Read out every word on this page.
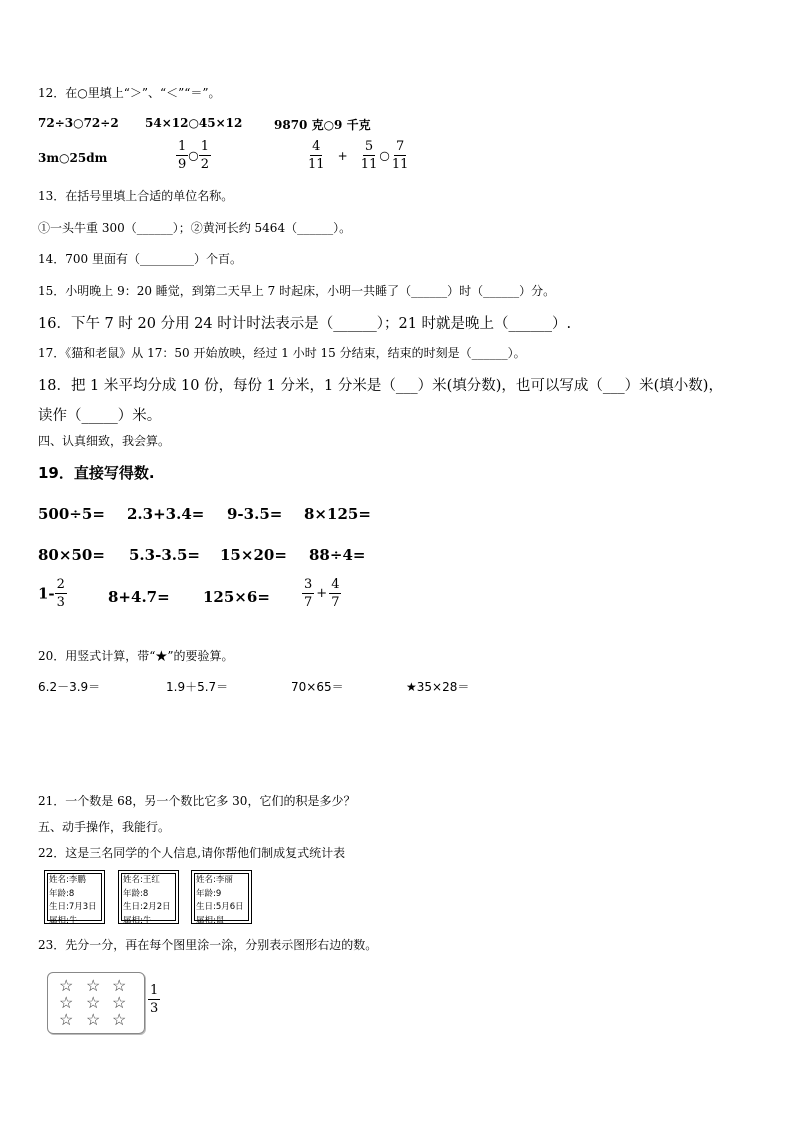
12．在○里填上“＞”、“＜”“＝”。
72÷3○72÷2 54×12○45×12	9870 克○9 千克
3m○25dm	$\frac{1}{9}$ ○ $\frac{1}{2}$	$\frac{4}{11} + \frac{5}{11}$ ○ $\frac{7}{11}$
13．在括号里填上合适的单位名称。
①一头牛重 300（______）；②黄河长约 5464（______）。
14．700 里面有（_________）个百。
15．小明晚上 9：20 睡觉，到第二天早上 7 时起床，小明一共睡了（______）时（______）分。
16．下午 7 时 20 分用 24 时计时法表示是（______）；21 时就是晚上（______）.
17．《猫和老鼠》从 17：50 开始放映，经过 1 小时 15 分结束，结束的时刻是（______）。
18．把 1 米平均分成 10 份，每份 1 分米，1 分米是（___）米(填分数)，也可以写成（___）米(填小数)，
读作（_____）米。
四、认真细致，我会算。
19．直接写得数.
500÷5= 2.3+3.4= 9-3.5= 8×125=
80×50= 5.3-3.5= 15×20= 88÷4=
$1- \frac{2}{3}$	$8+4.7= 125\times 6= \frac{3}{7} + \frac{4}{7}$
20．用竖式计算，带“★”的要验算。
6.2－3.9＝	1.9＋5.7＝	70×65＝	★35×28＝
21．一个数是 68，另一个数比它多 30，它们的积是多少？
五、动手操作，我能行。
22．这是三名同学的个人信息,请你帮他们制成复式统计表
姓名:李鹏
年龄:8
生日:7月3日
属相:牛
姓名:王红
年龄:8
生日:2月2日
属相:牛
姓名:李丽
年龄:9
生日:5月6日
属相:鼠
23．先分一分，再在每个图里涂一涂，分别表示图形右边的数。
☆ ☆ ☆
☆ ☆ ☆
☆ ☆ ☆
$\frac{1}{3}$
